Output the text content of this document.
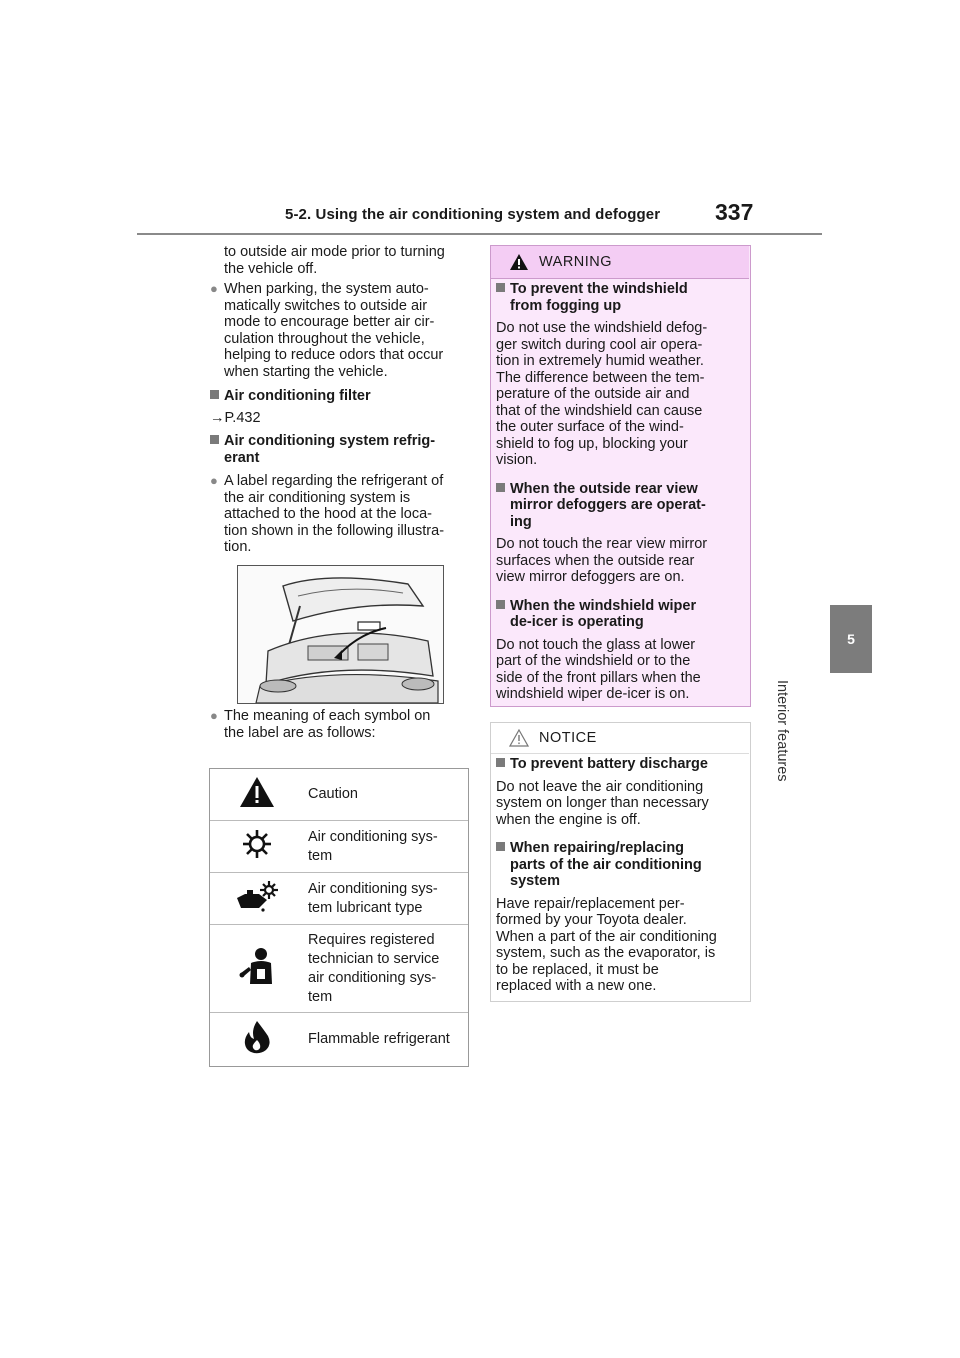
5-2. Using the air conditioning system and defogger 337
5
Interior features
to outside air mode prior to turning
the vehicle off.
● When parking, the system auto-
matically switches to outside air
mode to encourage better air cir-
culation throughout the vehicle,
helping to reduce odors that occur
when starting the vehicle.
Air conditioning filter
→P.432
Air conditioning system refrig-
erant
● A label regarding the refrigerant of
the air conditioning system is
attached to the hood at the loca-
tion shown in the following illustra-
tion.
● The meaning of each symbol on
the label are as follows:

Caution

Air conditioning sys-
tem

Air conditioning sys-
tem lubricant type

Requires registered
technician to service
air conditioning sys-
tem

Flammable refrigerant
WARNING
To prevent the windshield
from fogging up
Do not use the windshield defog-
ger switch during cool air opera-
tion in extremely humid weather.
The difference between the tem-
perature of the outside air and
that of the windshield can cause
the outer surface of the wind-
shield to fog up, blocking your
vision.
When the outside rear view
mirror defoggers are operat-
ing
Do not touch the rear view mirror
surfaces when the outside rear
view mirror defoggers are on.
When the windshield wiper
de-icer is operating
Do not touch the glass at lower
part of the windshield or to the
side of the front pillars when the
windshield wiper de-icer is on.
NOTICE
To prevent battery discharge
Do not leave the air conditioning
system on longer than necessary
when the engine is off.
When repairing/replacing
parts of the air conditioning
system
Have repair/replacement per-
formed by your Toyota dealer.
When a part of the air conditioning
system, such as the evaporator, is
to be replaced, it must be
replaced with a new one.
